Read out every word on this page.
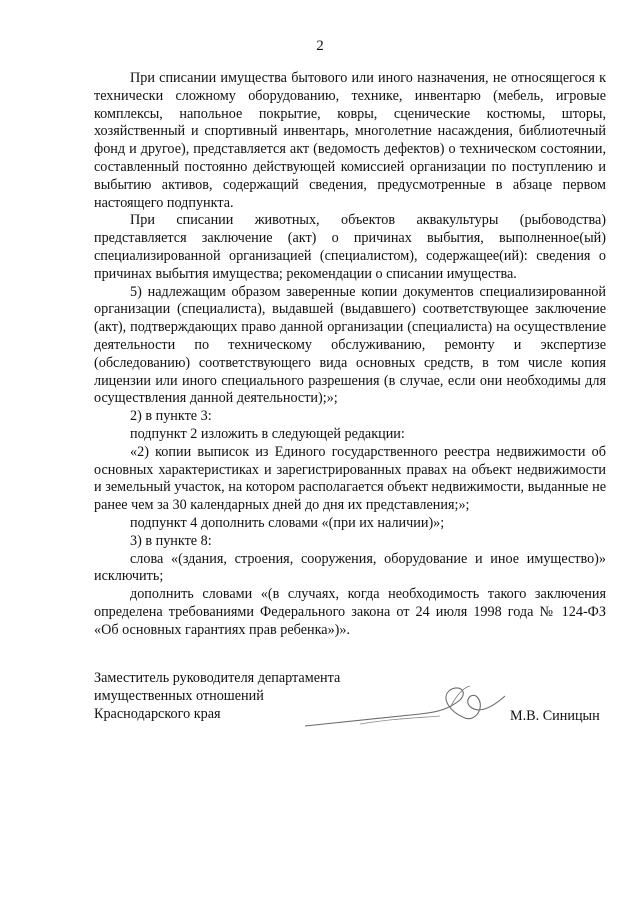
2

При списании имущества бытового или иного назначения, не относящегося к технически сложному оборудованию, технике, инвентарю (мебель, игровые комплексы, напольное покрытие, ковры, сценические костюмы, шторы, хозяйственный и спортивный инвентарь, многолетние насаждения, библиотечный фонд и другое), представляется акт (ведомость дефектов) о техническом состоянии, составленный постоянно действующей комиссией организации по поступлению и выбытию активов, содержащий сведения, предусмотренные в абзаце первом настоящего подпункта.

При списании животных, объектов аквакультуры (рыбоводства) представляется заключение (акт) о причинах выбытия, выполненное(ый) специализированной организацией (специалистом), содержащее(ий): сведения о причинах выбытия имущества; рекомендации о списании имущества.

5) надлежащим образом заверенные копии документов специализированной организации (специалиста), выдавшей (выдавшего) соответствующее заключение (акт), подтверждающих право данной организации (специалиста) на осуществление деятельности по техническому обслуживанию, ремонту и экспертизе (обследованию) соответствующего вида основных средств, в том числе копия лицензии или иного специального разрешения (в случае, если они необходимы для осуществления данной деятельности);»;

2) в пункте 3:

подпункт 2 изложить в следующей редакции:

«2) копии выписок из Единого государственного реестра недвижимости об основных характеристиках и зарегистрированных правах на объект недвижимости и земельный участок, на котором располагается объект недвижимости, выданные не ранее чем за 30 календарных дней до дня их представления;»;

подпункт 4 дополнить словами «(при их наличии)»;

3) в пункте 8:

слова «(здания, строения, сооружения, оборудование и иное имущество)» исключить;

дополнить словами «(в случаях, когда необходимость такого заключения определена требованиями Федерального закона от 24 июля 1998 года № 124-ФЗ «Об основных гарантиях прав ребенка»)».

Заместитель руководителя департамента
имущественных отношений
Краснодарского края	М.В. Синицын
